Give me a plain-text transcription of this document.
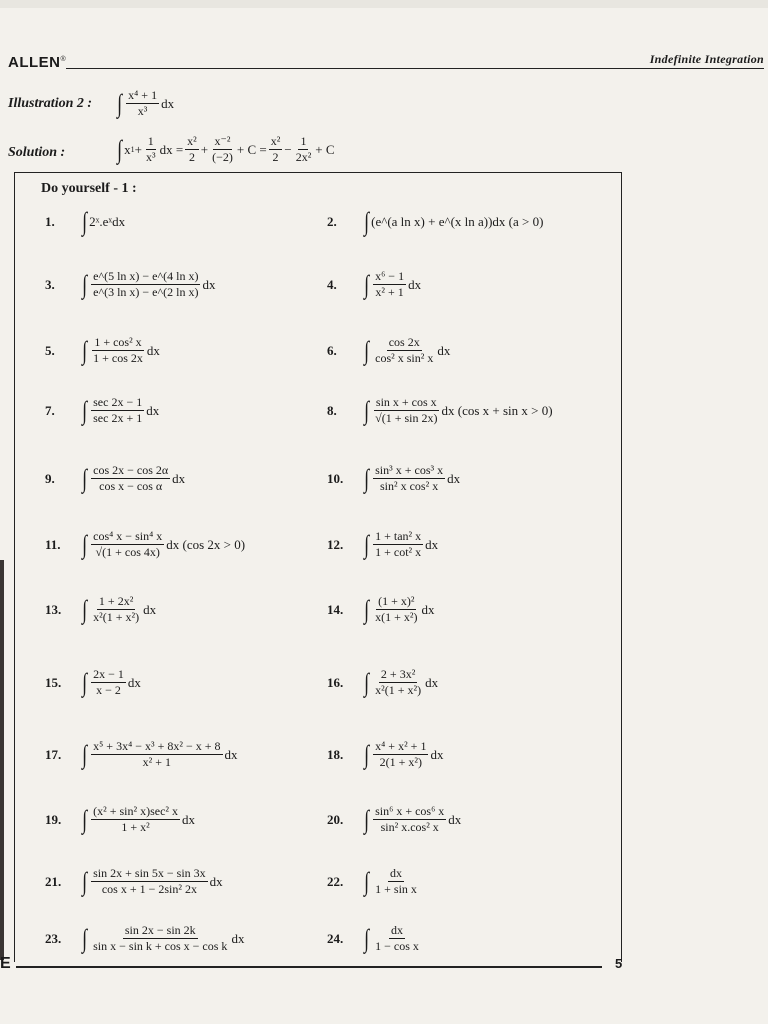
ALLEN®	Indefinite Integration
Illustration 2 : ∫ $\frac{\text{x⁴ + 1}}{\text{x³}}$ dx
Solution : ∫ x $1 + \frac{1}{\text{x³}}$ dx = $\frac{\text{x²}}{2} + \frac{\text{x⁻²}}{(-2)} + C = \frac{\text{x²}}{2} - \frac{1}{\text{2x²}} + C$
Do yourself - 1 :
1.	∫ 2ˣ.eˣdx	2.	∫ (e^(a ln x) + e^(x ln a))dx (a > 0)
3.	∫ $\frac{\text{e\textasciicircum{}(5 ln x) − e\textasciicircum{}(4 ln x)}}{\text{e\textasciicircum{}(3 ln x) − e\textasciicircum{}(2 ln x)}}$ dx	4.	∫ $\frac{\text{x⁶ − 1}}{\text{x² + 1}}$ dx
5.	∫ $\frac{\text{1 + cos² x}}{1 + \cos 2x}$ dx	6.	∫ $\frac{\cos 2x}{\text{cos² x sin² x}}$ dx
7.	∫ $\frac{\sec 2x - 1}{\sec 2x + 1}$ dx	8.	∫ $\frac{\text{sin x + cos x}}{√(1 + \sin 2x)}$ dx (cos x + sin x > 0)
9.	∫ $\frac{\cos 2x - \cos 2\alpha}{\text{cos x − cos α}}$ dx	10. ∫ $\frac{\text{sin³ x + cos³ x}}{\text{sin² x cos² x}}$ dx
11. ∫ $\frac{\text{cos⁴ x − sin⁴ x}}{√(1 + \cos 4x)}$ dx (cos 2x > 0)	12. ∫ $\frac{\text{1 + tan² x}}{\text{1 + cot² x}}$ dx
13. ∫ $\frac{\text{1 + 2x²}}{\text{x²(1 + x²)}}$ dx	14. ∫ $\frac{\text{(1 + x)²}}{\text{x(1 + x²)}}$ dx
15. ∫ $\frac{2x - 1}{x - 2}$ dx	16. ∫ $\frac{\text{2 + 3x²}}{\text{x²(1 + x²)}}$ dx
17. ∫ $\frac{\text{x⁵ + 3x⁴ − x³ + 8x² − x + 8}}{\text{x² + 1}}$ dx	18. ∫ $\frac{\text{x⁴ + x² + 1}}{\text{2(1 + x²)}}$ dx
19. ∫ $\frac{\text{(x² + sin² x)sec² x}}{\text{1 + x²}}$ dx	20. ∫ $\frac{\text{sin⁶ x + cos⁶ x}}{\text{sin² x.cos² x}}$ dx
21. ∫ $\frac{\sin 2x + \sin 5x - \sin 3x}{\text{cos x + 1 − 2sin² 2x}}$ dx	22. ∫ $\frac{dx}{\text{1 + sin x}}$
23. ∫ $\frac{\sin 2x - \sin 2k}{\text{sin x − sin k + cos x − cos k}}$ dx	24. ∫ $\frac{dx}{\text{1 − cos x}}$
E	5
